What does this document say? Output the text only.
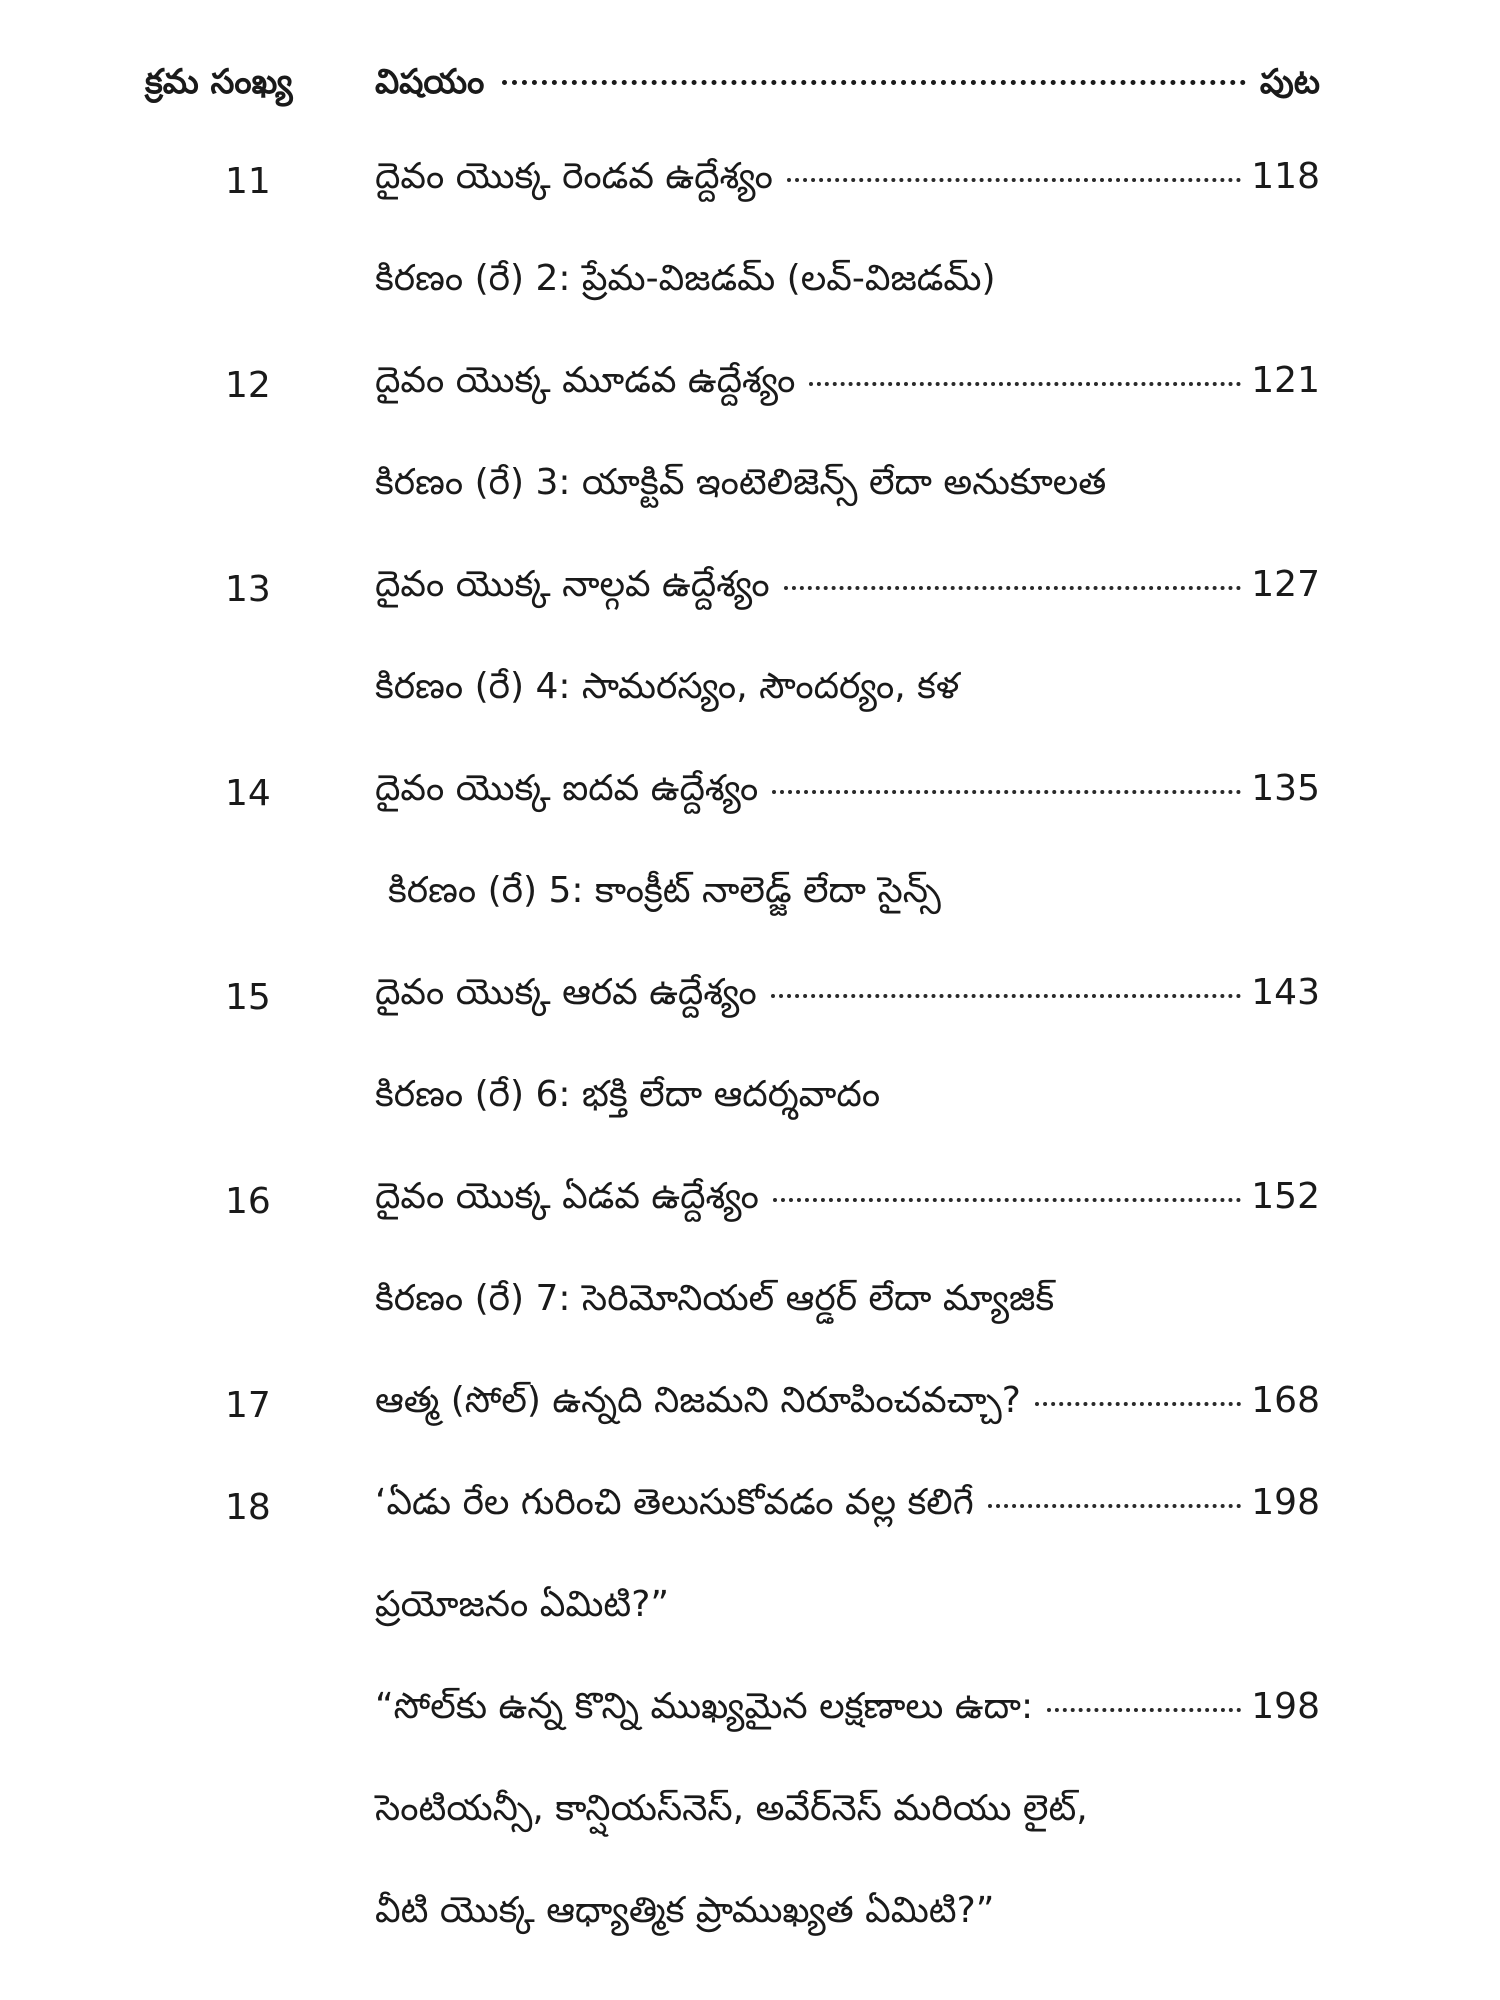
క్రమ సంఖ్య	విషయం	పుట
11	దైవం యొక్క రెండవ ఉద్దేశ్యం	118
కిరణం (రే) 2: ప్రేమ-విజడమ్ (లవ్-విజడమ్)
12	దైవం యొక్క మూడవ ఉద్దేశ్యం	121
కిరణం (రే) 3: యాక్టివ్ ఇంటెలిజెన్స్ లేదా అనుకూలత
13	దైవం యొక్క నాల్గవ ఉద్దేశ్యం	127
కిరణం (రే) 4: సామరస్యం, సౌందర్యం, కళ
14	దైవం యొక్క ఐదవ ఉద్దేశ్యం	135
కిరణం (రే) 5: కాంక్రీట్ నాలెడ్జ్ లేదా సైన్స్
15	దైవం యొక్క ఆరవ ఉద్దేశ్యం	143
కిరణం (రే) 6: భక్తి లేదా ఆదర్శవాదం
16	దైవం యొక్క ఏడవ ఉద్దేశ్యం	152
కిరణం (రే) 7: సెరిమోనియల్ ఆర్డర్ లేదా మ్యాజిక్
17	ఆత్మ (సోల్) ఉన్నది నిజమని నిరూపించవచ్చా?	168
18	‘ఏడు రేల గురించి తెలుసుకోవడం వల్ల కలిగే	198
ప్రయోజనం ఏమిటి?”
“సోల్‌కు ఉన్న కొన్ని ముఖ్యమైన లక్షణాలు ఉదా:	198
సెంటియన్సీ, కాన్షియస్‌నెస్, అవేర్‌నెస్ మరియు లైట్,
వీటి యొక్క ఆధ్యాత్మిక ప్రాముఖ్యత ఏమిటి?”
